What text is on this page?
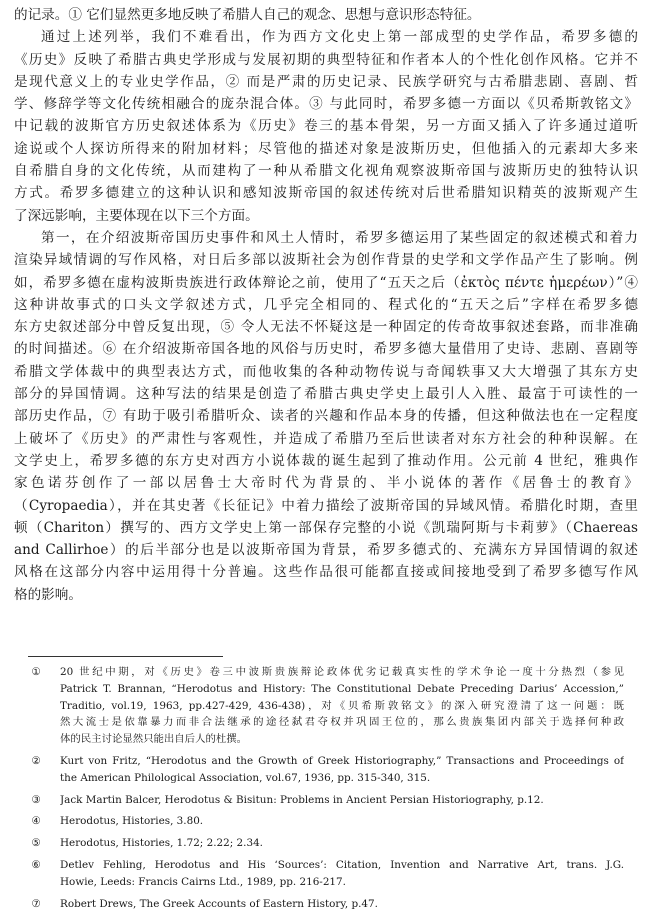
的记录。① 它们显然更多地反映了希腊人自己的观念、思想与意识形态特征。
通过上述列举，我们不难看出，作为西方文化史上第一部成型的史学作品，希罗多德的
《历史》反映了希腊古典史学形成与发展初期的典型特征和作者本人的个性化创作风格。它并不
是现代意义上的专业史学作品，② 而是严肃的历史记录、民族学研究与古希腊悲剧、喜剧、哲
学、修辞学等文化传统相融合的庞杂混合体。③ 与此同时，希罗多德一方面以《贝希斯敦铭文》
中记载的波斯官方历史叙述体系为《历史》卷三的基本骨架，另一方面又插入了许多通过道听
途说或个人探访所得来的附加材料；尽管他的描述对象是波斯历史，但他插入的元素却大多来
自希腊自身的文化传统，从而建构了一种从希腊文化视角观察波斯帝国与波斯历史的独特认识
方式。希罗多德建立的这种认识和感知波斯帝国的叙述传统对后世希腊知识精英的波斯观产生
了深远影响，主要体现在以下三个方面。
第一，在介绍波斯帝国历史事件和风土人情时，希罗多德运用了某些固定的叙述模式和着力
渲染异域情调的写作风格，对日后多部以波斯社会为创作背景的史学和文学作品产生了影响。例
如，希罗多德在虚构波斯贵族进行政体辩论之前，使用了“五天之后（ἐκτὸς πέντε ἡμερέων）”④
这种讲故事式的口头文学叙述方式，几乎完全相同的、程式化的“五天之后”字样在希罗多德
东方史叙述部分中曾反复出现，⑤ 令人无法不怀疑这是一种固定的传奇故事叙述套路，而非准确
的时间描述。⑥ 在介绍波斯帝国各地的风俗与历史时，希罗多德大量借用了史诗、悲剧、喜剧等
希腊文学体裁中的典型表达方式，而他收集的各种动物传说与奇闻轶事又大大增强了其东方史
部分的异国情调。这种写法的结果是创造了希腊古典史学史上最引人入胜、最富于可读性的一
部历史作品，⑦ 有助于吸引希腊听众、读者的兴趣和作品本身的传播，但这种做法也在一定程度
上破坏了《历史》的严肃性与客观性，并造成了希腊乃至后世读者对东方社会的种种误解。在
文学史上，希罗多德的东方史对西方小说体裁的诞生起到了推动作用。公元前 4 世纪，雅典作
家色诺芬创作了一部以居鲁士大帝时代为背景的、半小说体的著作《居鲁士的教育》
（Cyropaedia），并在其史著《长征记》中着力描绘了波斯帝国的异域风情。希腊化时期，查里
顿（Chariton）撰写的、西方文学史上第一部保存完整的小说《凯瑞阿斯与卡莉萝》（Chaereas
and Callirhoe）的后半部分也是以波斯帝国为背景，希罗多德式的、充满东方异国情调的叙述
风格在这部分内容中运用得十分普遍。这些作品很可能都直接或间接地受到了希罗多德写作风
格的影响。
①	20 世纪中期，对《历史》卷三中波斯贵族辩论政体优劣记载真实性的学术争论一度十分热烈（参见
Patrick T. Brannan, “Herodotus and History: The Constitutional Debate Preceding Darius’ Accession,”
Traditio, vol.19, 1963, pp.427-429, 436-438)，对《贝希斯敦铭文》的深入研究澄清了这一问题：既
然大流士是依靠暴力而非合法继承的途径弑君夺权并巩固王位的，那么贵族集团内部关于选择何种政
体的民主讨论显然只能出自后人的杜撰。
②	Kurt von Fritz, “Herodotus and the Growth of Greek Historiography,” Transactions and Proceedings of
the American Philological Association, vol.67, 1936, pp. 315-340, 315.
③	Jack Martin Balcer, Herodotus & Bisitun: Problems in Ancient Persian Historiography, p.12.
④	Herodotus, Histories, 3.80.
⑤	Herodotus, Histories, 1.72; 2.22; 2.34.
⑥	Detlev Fehling, Herodotus and His ‘Sources’: Citation, Invention and Narrative Art, trans. J.G.
Howie, Leeds: Francis Cairns Ltd., 1989, pp. 216-217.
⑦	Robert Drews, The Greek Accounts of Eastern History, p.47.
